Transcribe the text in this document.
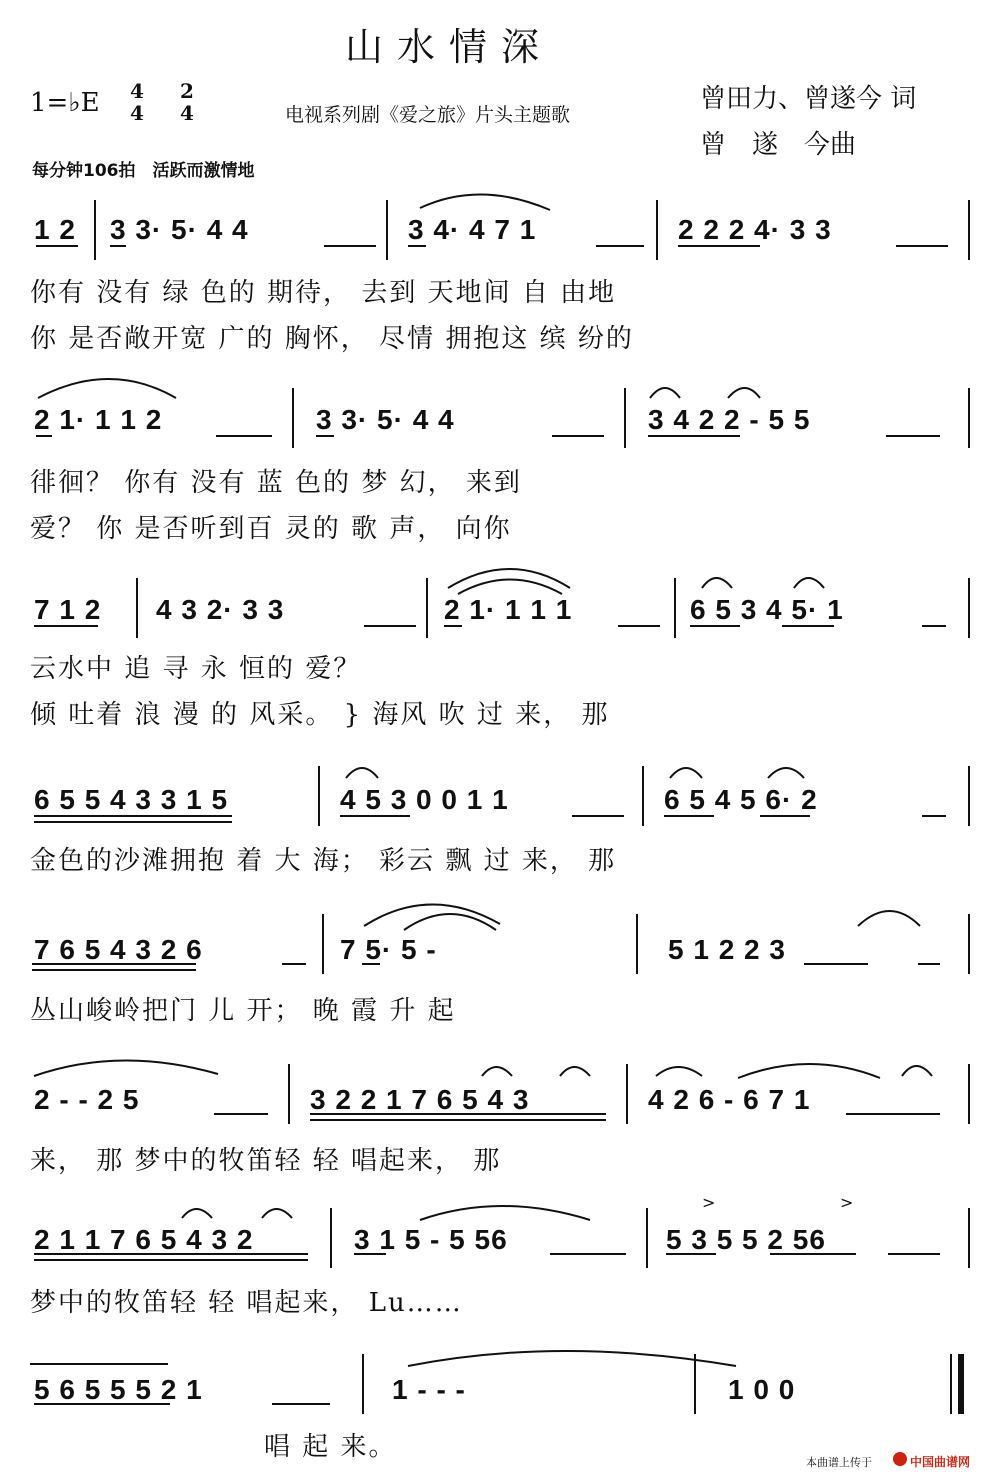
山水情深
1=♭E 4
4
2
4	电视系列剧《爱之旅》片头主题歌
曾田力、曾遂今 词
曾　遂　今曲
每分钟106拍　活跃而激情地
1 2 3 3· 5· 4 4	3 4· 4 7 1	2 2 2 4· 3 3
你有 没有 绿 色的 期待， 去到 天地间 自 由地
你 是否敞开宽 广的 胸怀， 尽情 拥抱这 缤 纷的
2 1· 1 1 2	3 3· 5· 4 4	3 4 2 2 - 5 5
徘徊？ 你有 没有 蓝 色的 梦 幻， 来到
爱？ 你 是否听到百 灵的 歌 声， 向你
7 1 2 4 3 2· 3 3	2 1· 1 1 1	6 5 3 4 5· 1
云水中 追 寻 永 恒的 爱？
倾 吐着 浪 漫 的 风采。 } 海风 吹 过 来， 那
6 5 5 4 3 3 1 5	4 5 3 0 0 1 1	6 5 4 5 6· 2
金色的沙滩拥抱 着 大 海； 彩云 飘 过 来， 那
7 6 5 4 3 2 6	7 5· 5 -	5 1 2 2 3
丛山峻岭把门 儿 开； 晚 霞 升 起
2 - - 2 5	3 2 2 1 7 6 5 4 3	4 2 6 - 6 7 1
来， 那 梦中的牧笛轻 轻 唱起来， 那
2 1 1 7 6 5 4 3 2	3 1 5 - 5 56	5 3 5 5 2 56
梦中的牧笛轻 轻 唱起来， Lu……
5 6 5 5 5 2 1	1 - - -	1 0 0
唱 起 来。
>	>
本曲谱上传于	中国曲谱网
